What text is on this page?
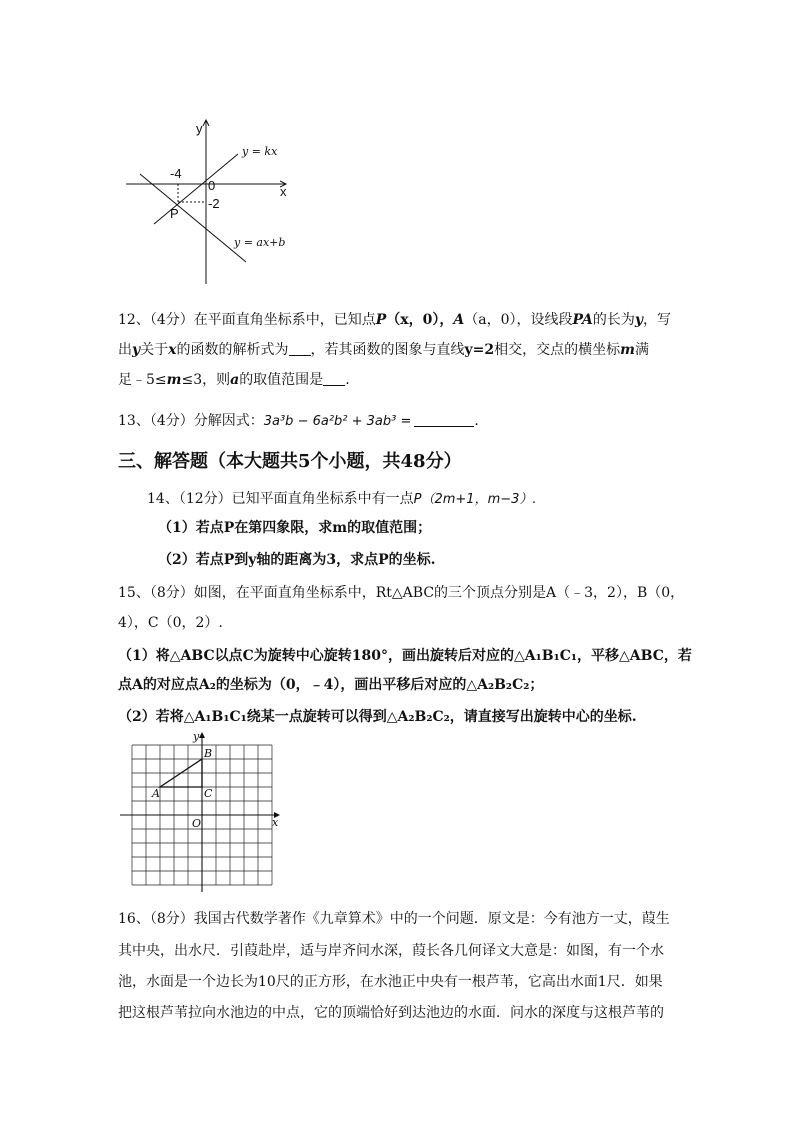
y
x
0
-4
-2
P
y = kx
y = ax+b

12、（4分）在平面直角坐标系中，已知点P（x，0），A（a，0），设线段PA的长为y，写
出y关于x的函数的解析式为 ，若其函数的图象与直线y=2相交，交点的横坐标m满
足﹣5≤m≤3，则a的取值范围是 .

13、（4分）分解因式：3a³b − 6a²b² + 3ab³ =	.
三、解答题（本大题共5个小题，共48分）
14、（12分）已知平面直角坐标系中有一点P（2m+1，m−3）.
（1）若点P在第四象限，求m的取值范围；
（2）若点P到y轴的距离为3，求点P的坐标.
15、（8分）如图，在平面直角坐标系中，Rt△ABC的三个顶点分别是A（﹣3，2），B（0，
4），C（0，2）.
（1）将△ABC以点C为旋转中心旋转180°，画出旋转后对应的△A₁B₁C₁，平移△ABC，若
点A的对应点A₂的坐标为（0，﹣4），画出平移后对应的△A₂B₂C₂；
（2）若将△A₁B₁C₁绕某一点旋转可以得到△A₂B₂C₂，请直接写出旋转中心的坐标.
y
x
O
A
B
C
16、（8分）我国古代数学著作《九章算术》中的一个问题．原文是：今有池方一丈，葭生
其中央，出水尺．引葭赴岸，适与岸齐问水深，葭长各几何译文大意是：如图，有一个水
池，水面是一个边长为10尺的正方形，在水池正中央有一根芦苇，它高出水面1尺．如果
把这根芦苇拉向水池边的中点，它的顶端恰好到达池边的水面．问水的深度与这根芦苇的
